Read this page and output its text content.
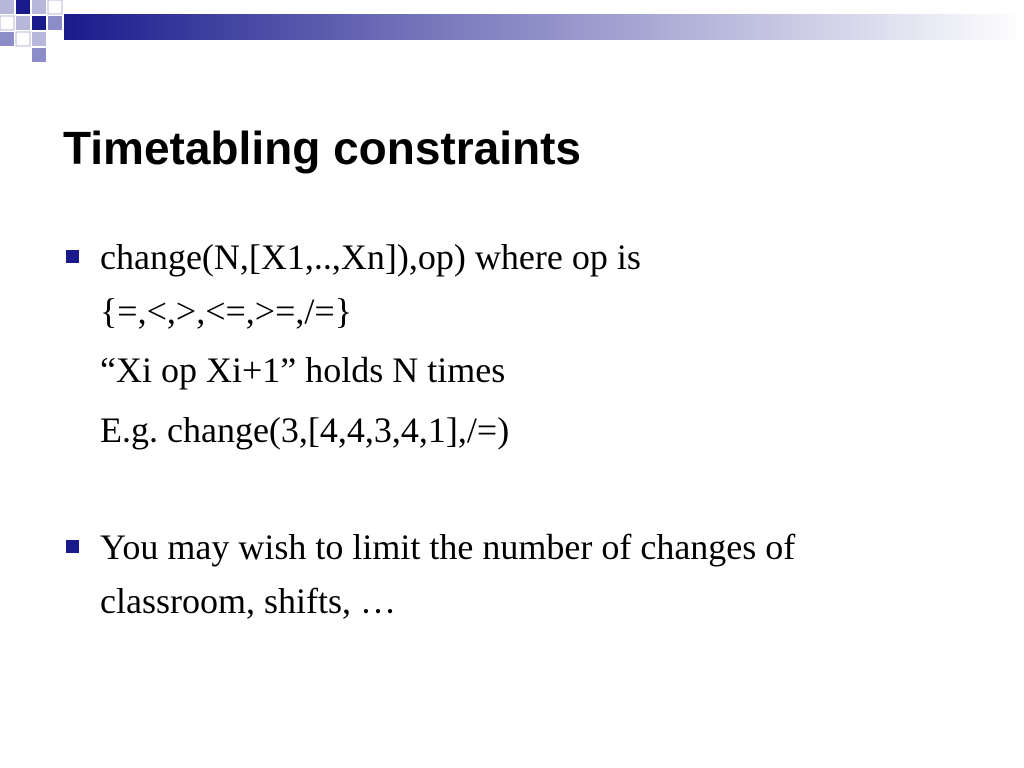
Timetabling constraints
change(N,[X1,..,Xn]),op) where op is
{=,<,>,<=,>=,/=}
“Xi op Xi+1” holds N times
E.g. change(3,[4,4,3,4,1],/=)
You may wish to limit the number of changes of
classroom, shifts, …
